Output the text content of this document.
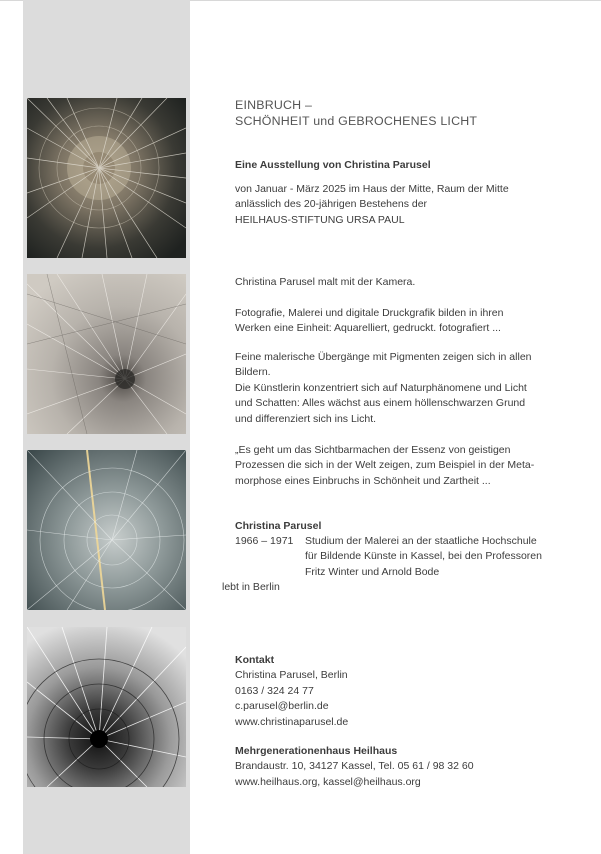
EINBRUCH –
SCHÖNHEIT und GEBROCHENES LICHT
Eine Ausstellung von Christina Parusel
von Januar - März 2025 im Haus der Mitte, Raum der Mitte
anlässlich des 20-jährigen Bestehens der
HEILHAUS-STIFTUNG URSA PAUL
Christina Parusel malt mit der Kamera.
Fotografie, Malerei und digitale Druckgrafik bilden in ihren
Werken eine Einheit: Aquarelliert, gedruckt. fotografiert ...
Feine malerische Übergänge mit Pigmenten zeigen sich in allen
Bildern.
Die Künstlerin konzentriert sich auf Naturphänomene und Licht
und Schatten: Alles wächst aus einem höllenschwarzen Grund
und differenziert sich ins Licht.
„Es geht um das Sichtbarmachen der Essenz von geistigen
Prozessen die sich in der Welt zeigen, zum Beispiel in der Meta-
morphose eines Einbruchs in Schönheit und Zartheit ...
Christina Parusel
1966 – 1971 Studium der Malerei an der staatliche Hochschule
für Bildende Künste in Kassel, bei den Professoren
Fritz Winter und Arnold Bode
lebt in Berlin
Kontakt
Christina Parusel, Berlin
0163 / 324 24 77
c.parusel@berlin.de
www.christinaparusel.de
Mehrgenerationenhaus Heilhaus
Brandaustr. 10, 34127 Kassel, Tel. 05 61 / 98 32 60
www.heilhaus.org, kassel@heilhaus.org
